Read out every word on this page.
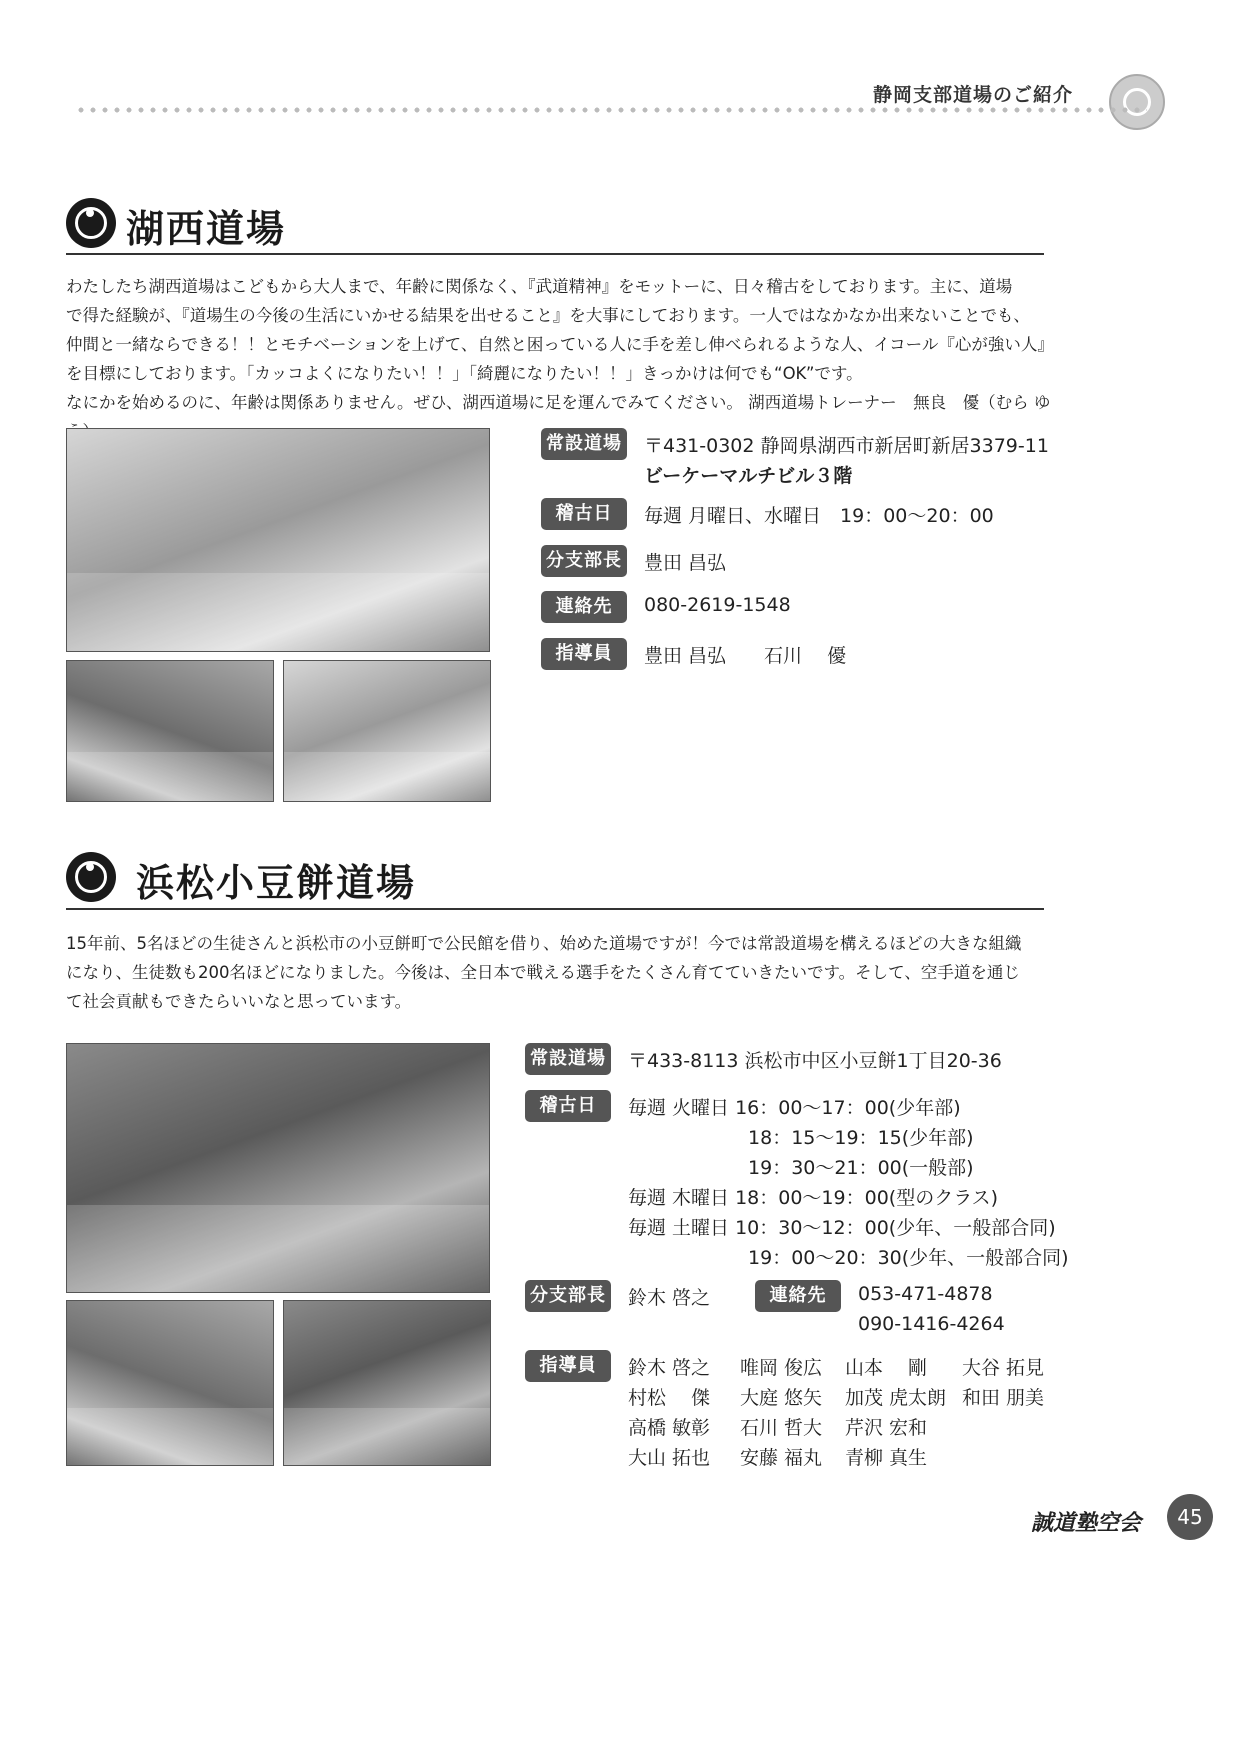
静岡支部道場のご紹介
湖西道場

わたしたち湖西道場はこどもから大人まで、年齢に関係なく、『武道精神』をモットーに、日々稽古をしております。主に、道場

で得た経験が、『道場生の今後の生活にいかせる結果を出せること』を大事にしております。一人ではなかなか出来ないことでも、

仲間と一緒ならできる！！とモチベーションを上げて、自然と困っている人に手を差し伸べられるような人、イコール『心が強い人』

を目標にしております。「カッコよくになりたい！！」「綺麗になりたい！！」きっかけは何でも“OK”です。

なにかを始めるのに、年齢は関係ありません。ぜひ、湖西道場に足を運んでみてください。 湖西道場トレーナー　無良　優（むら ゆ

常設道場 〒431-0302 静岡県湖西市新居町新居3379-11
ビーケーマルチビル３階
稽古日	毎週 月曜日、水曜日　19：00〜20：00
分支部長 豊田 昌弘
連絡先	080-2619-1548
指導員	豊田 昌弘　　石川　 優
浜松小豆餅道場

15年前、5名ほどの生徒さんと浜松市の小豆餅町で公民館を借り、始めた道場ですが！今では常設道場を構えるほどの大きな組織

になり、生徒数も200名ほどになりました。今後は、全日本で戦える選手をたくさん育てていきたいです。そして、空手道を通じ

て社会貢献もできたらいいなと思っています。

常設道場 〒433-8113 浜松市中区小豆餅1丁目20-36
稽古日	毎週 火曜日 16：00〜17：00(少年部)
　　　　　　 18：15〜19：15(少年部)
　　　　　　 19：30〜21：00(一般部)
毎週 木曜日 18：00〜19：00(型のクラス)
毎週 土曜日 10：30〜12：00(少年、一般部合同)
　　　　　　 19：00〜20：30(少年、一般部合同)
分支部長 鈴木 啓之	連絡先	053-471-4878
090-1416-4264
指導員	鈴木 啓之 唯岡 俊広 山本　 剛 大谷 拓見
村松　 傑 大庭 悠矢 加茂 虎太朗 和田 朋美
高橋 敏彰 石川 哲大 芹沢 宏和
大山 拓也 安藤 福丸 青柳 真生
誠道塾空会	45
